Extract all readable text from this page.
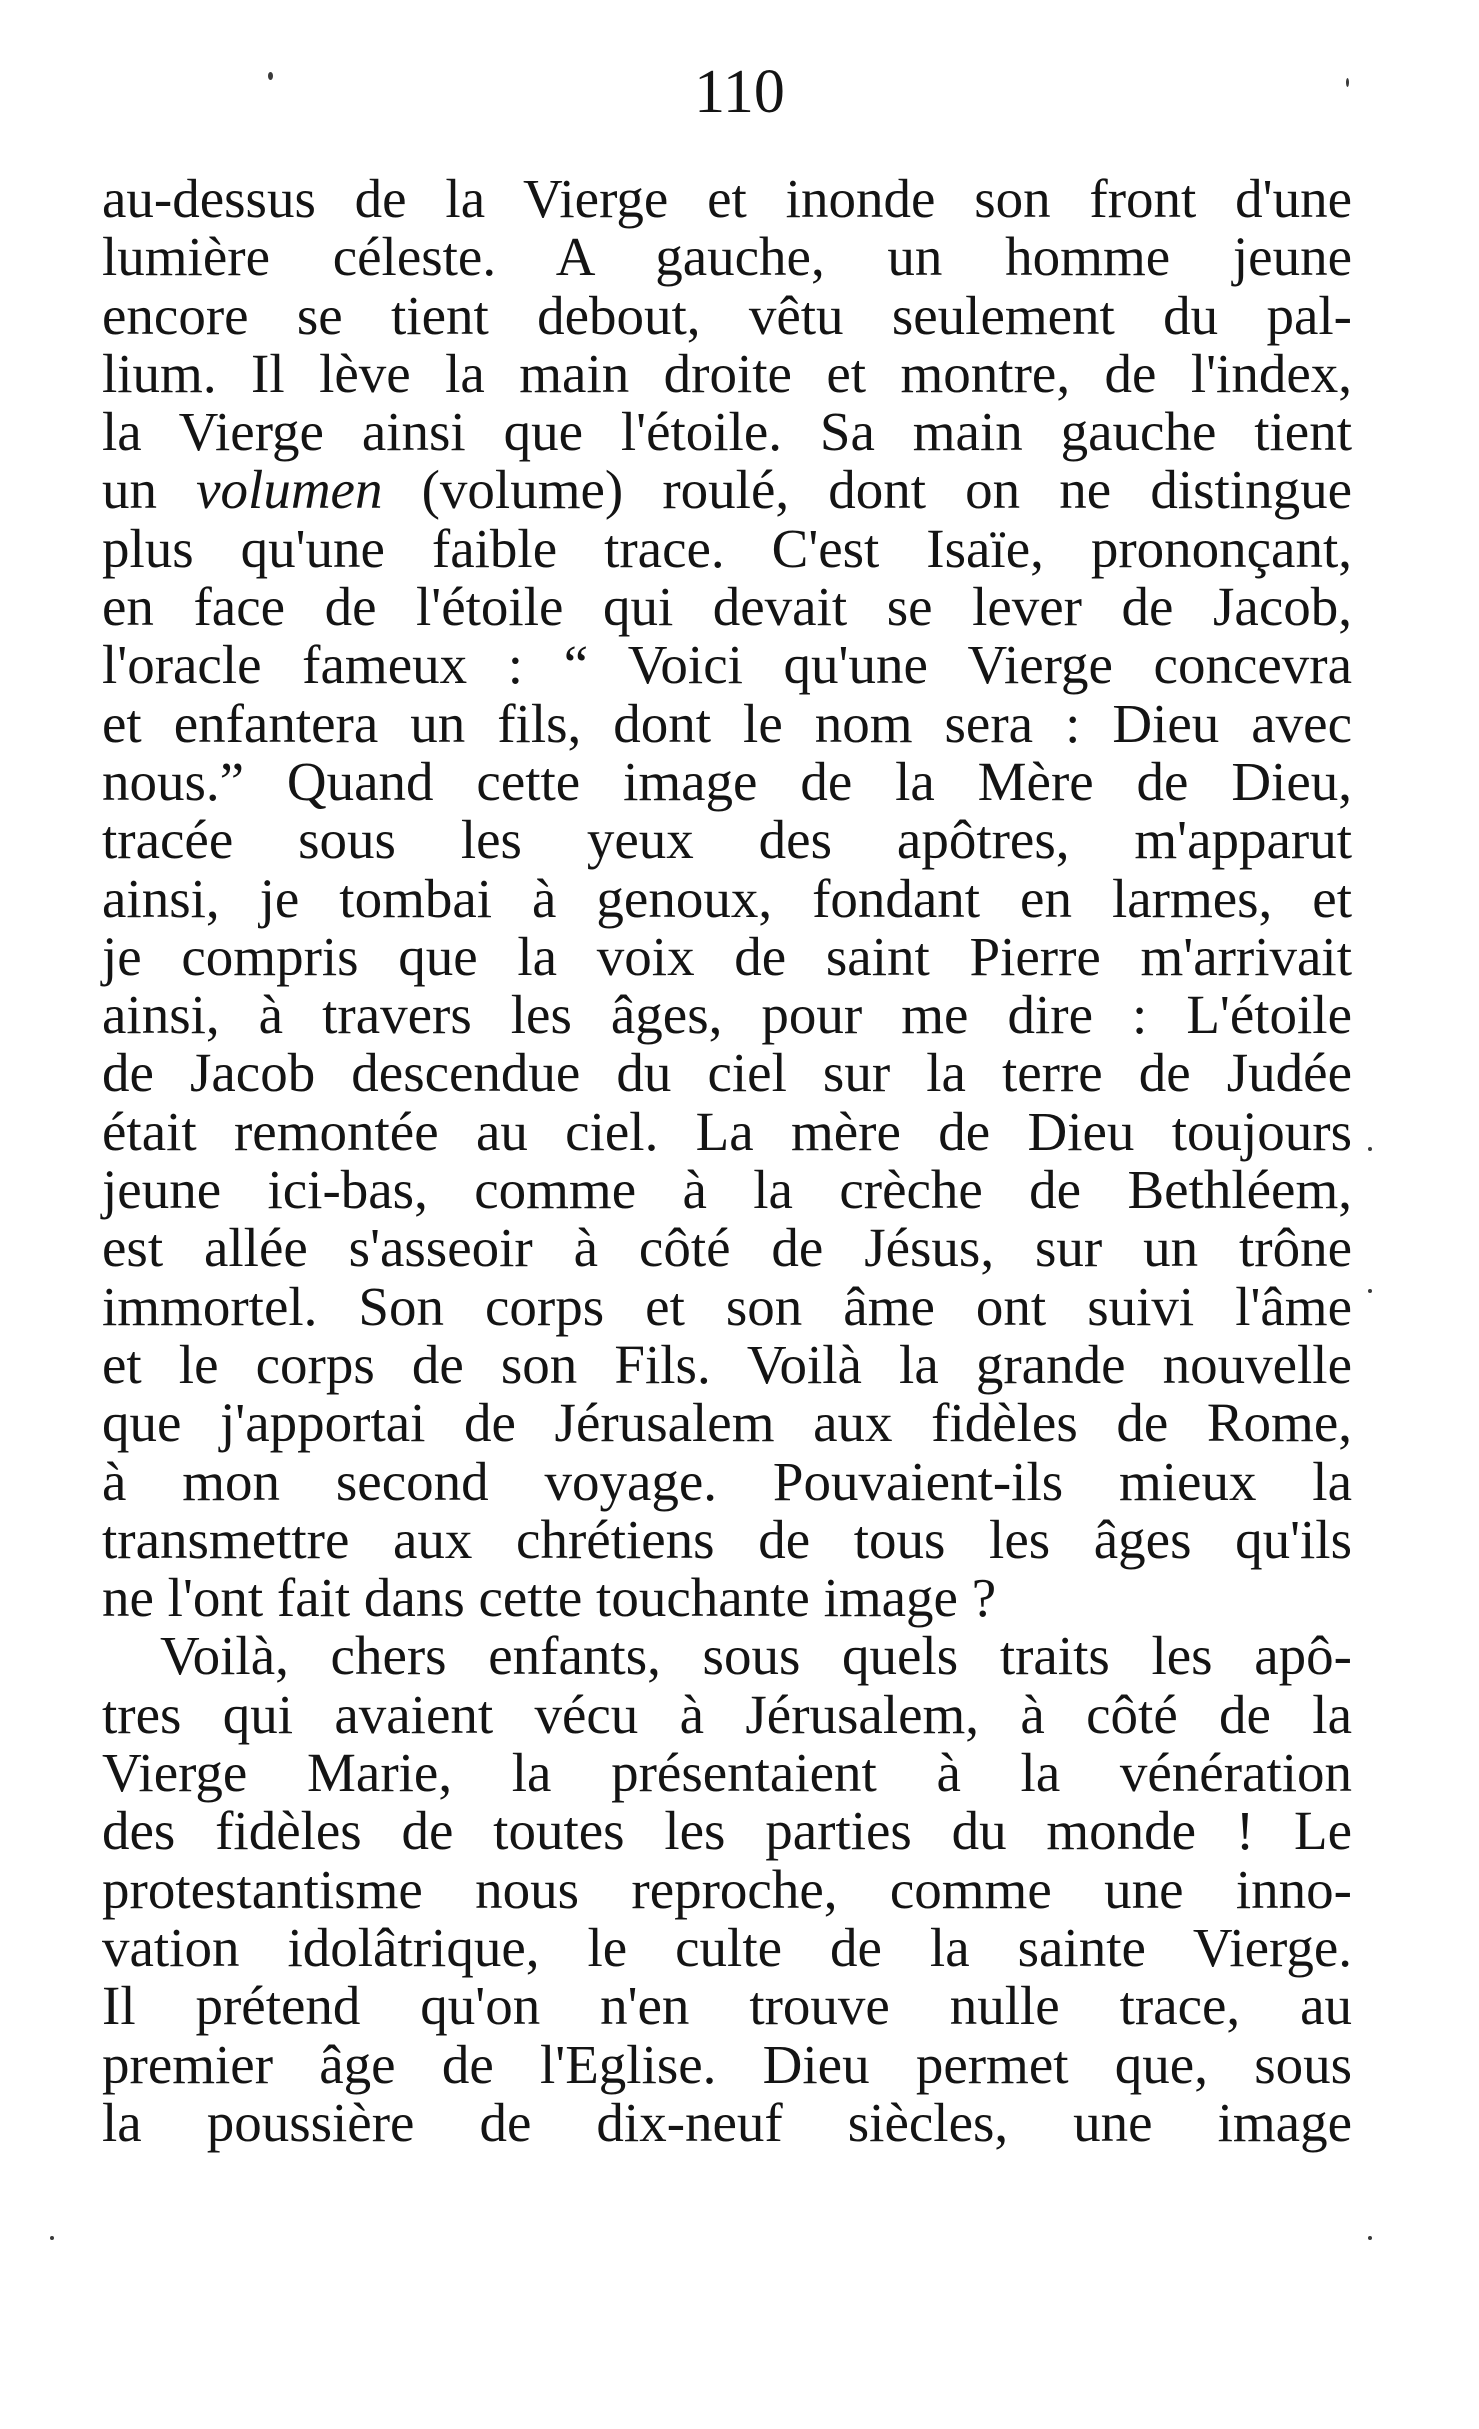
110
au-dessus de la Vierge et inonde son front d'une
lumière céleste. A gauche, un homme jeune
encore se tient debout, vêtu seulement du pal-
lium. Il lève la main droite et montre, de l'index,
la Vierge ainsi que l'étoile. Sa main gauche tient
un volumen (volume) roulé, dont on ne distingue
plus qu'une faible trace. C'est Isaïe, prononçant,
en face de l'étoile qui devait se lever de Jacob,
l'oracle fameux : “ Voici qu'une Vierge concevra
et enfantera un fils, dont le nom sera : Dieu avec
nous.” Quand cette image de la Mère de Dieu,
tracée sous les yeux des apôtres, m'apparut
ainsi, je tombai à genoux, fondant en larmes, et
je compris que la voix de saint Pierre m'arrivait
ainsi, à travers les âges, pour me dire : L'étoile
de Jacob descendue du ciel sur la terre de Judée
était remontée au ciel. La mère de Dieu toujours
jeune ici-bas, comme à la crèche de Bethléem,
est allée s'asseoir à côté de Jésus, sur un trône
immortel. Son corps et son âme ont suivi l'âme
et le corps de son Fils. Voilà la grande nouvelle
que j'apportai de Jérusalem aux fidèles de Rome,
à mon second voyage. Pouvaient-ils mieux la
transmettre aux chrétiens de tous les âges qu'ils
ne l'ont fait dans cette touchante image ?
Voilà, chers enfants, sous quels traits les apô-
tres qui avaient vécu à Jérusalem, à côté de la
Vierge Marie, la présentaient à la vénération
des fidèles de toutes les parties du monde ! Le
protestantisme nous reproche, comme une inno-
vation idolâtrique, le culte de la sainte Vierge.
Il prétend qu'on n'en trouve nulle trace, au
premier âge de l'Eglise. Dieu permet que, sous
la poussière de dix-neuf siècles, une image
